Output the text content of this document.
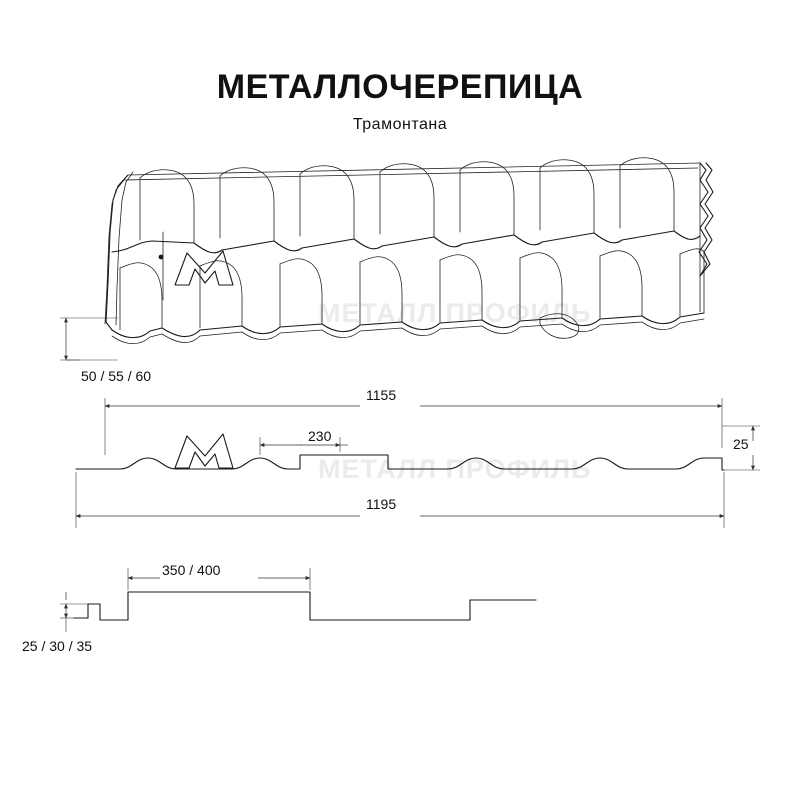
МЕТАЛЛ ПРОФИЛЬ
МЕТАЛЛ ПРОФИЛЬ
МЕТАЛЛОЧЕРЕПИЦА
Трамонтана
50 / 55 / 60
1155
230	25
1195
350 / 400
25 / 30 / 35
